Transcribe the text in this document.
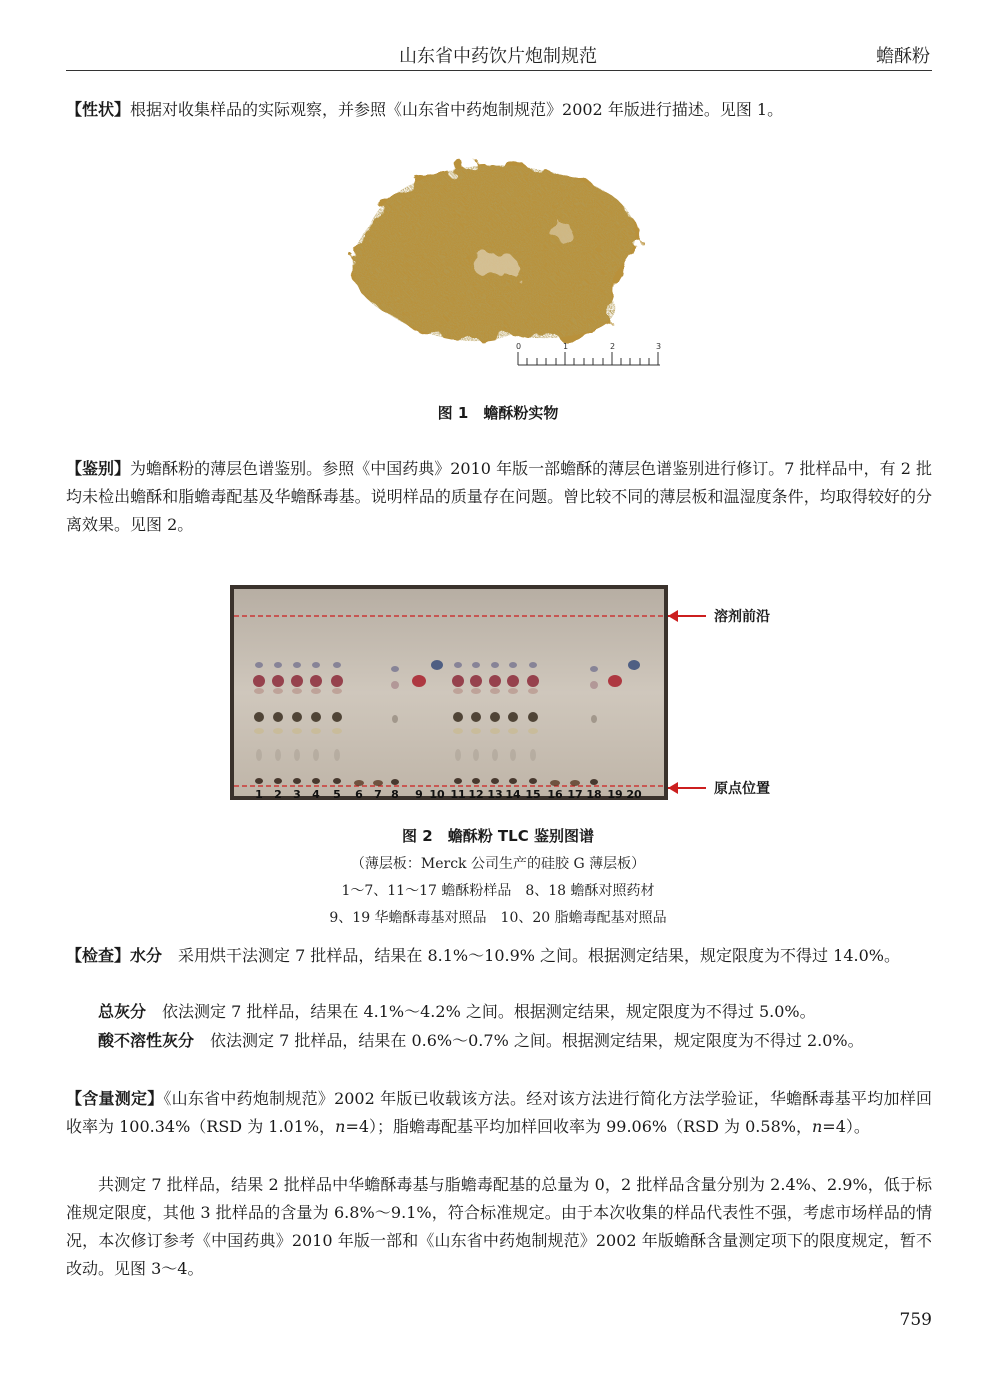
山东省中药饮片炮制规范	蟾酥粉

【性状】根据对收集样品的实际观察，并参照《山东省中药炮制规范》2002 年版进行描述。见图 1。

0	1	2	3
图 1　蟾酥粉实物

【鉴别】为蟾酥粉的薄层色谱鉴别。参照《中国药典》2010 年版一部蟾酥的薄层色谱鉴别进行修订。7 批样品中，有 2 批均未检出蟾酥和脂蟾毒配基及华蟾酥毒基。说明样品的质量存在问题。曾比较不同的薄层板和温湿度条件，均取得较好的分离效果。见图 2。

1 2 3 4 5 6 7 8 9 10 11 12 13 14 15 16 17 18 19 20
溶剂前沿
原点位置
图 2　蟾酥粉 TLC 鉴别图谱
（薄层板：Merck 公司生产的硅胶 G 薄层板）
1～7、11～17 蟾酥粉样品　8、18 蟾酥对照药材
9、19 华蟾酥毒基对照品　10、20 脂蟾毒配基对照品

【检查】水分　 采用烘干法测定 7 批样品，结果在 8.1%～10.9% 之间。根据测定结果，规定限度为不得过 14.0%。

总灰分　 依法测定 7 批样品，结果在 4.1%～4.2% 之间。根据测定结果，规定限度为不得过 5.0%。

酸不溶性灰分　 依法测定 7 批样品，结果在 0.6%～0.7% 之间。根据测定结果，规定限度为不得过 2.0%。

【含量测定】《山东省中药炮制规范》2002 年版已收载该方法。经对该方法进行简化方法学验证，华蟾酥毒基平均加样回收率为 100.34%（RSD 为 1.01%，n=4）；脂蟾毒配基平均加样回收率为 99.06%（RSD 为 0.58%，n=4）。

共测定 7 批样品，结果 2 批样品中华蟾酥毒基与脂蟾毒配基的总量为 0，2 批样品含量分别为 2.4%、2.9%，低于标准规定限度，其他 3 批样品的含量为 6.8%～9.1%，符合标准规定。由于本次收集的样品代表性不强，考虑市场样品的情况，本次修订参考《中国药典》2010 年版一部和《山东省中药炮制规范》2002 年版蟾酥含量测定项下的限度规定，暂不改动。见图 3～4。

759
